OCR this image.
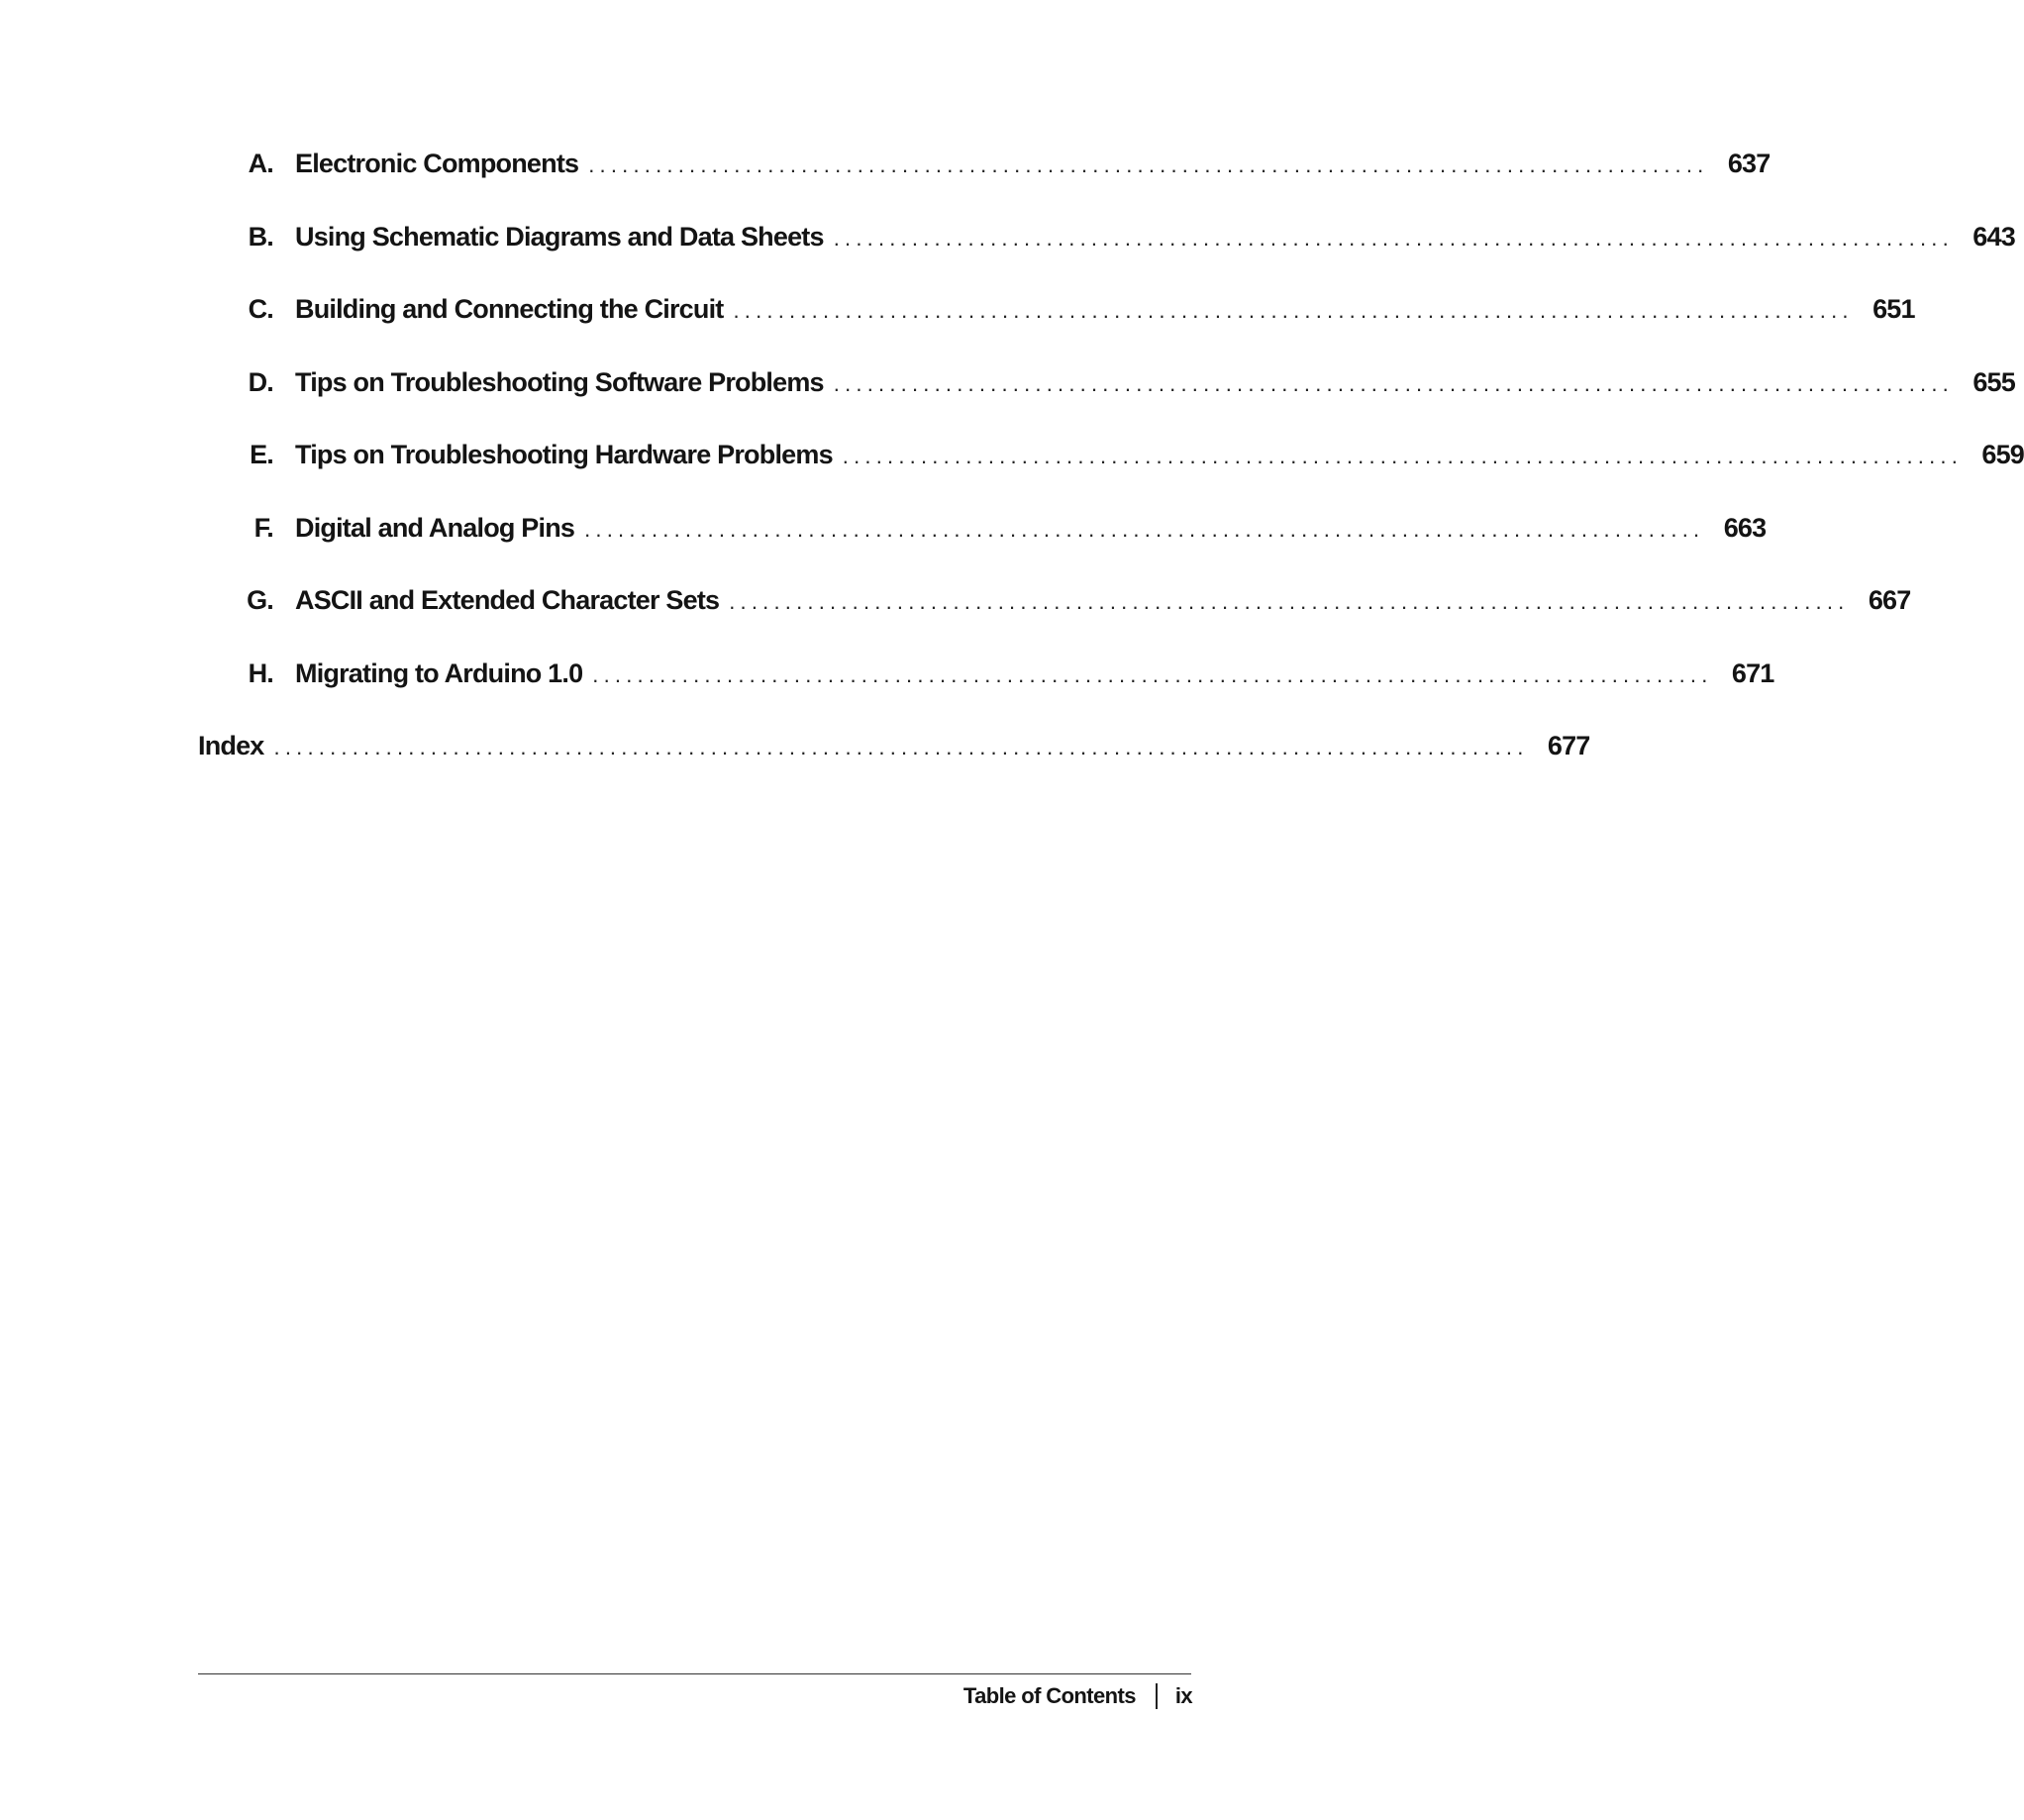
A. Electronic Components .................................................................................................... 637
B. Using Schematic Diagrams and Data Sheets .................................................................................................... 643
C. Building and Connecting the Circuit .................................................................................................... 651
D. Tips on Troubleshooting Software Problems .................................................................................................... 655
E. Tips on Troubleshooting Hardware Problems .................................................................................................... 659
F. Digital and Analog Pins .................................................................................................... 663
G. ASCII and Extended Character Sets .................................................................................................... 667
H. Migrating to Arduino 1.0 .................................................................................................... 671
Index ................................................................................................................ 677
Table of Contents ix
